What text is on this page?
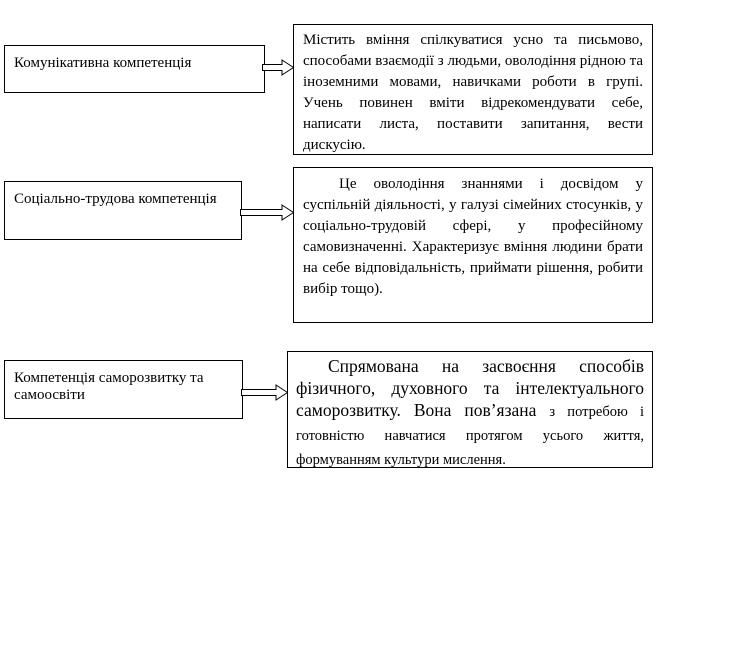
Комунікативна компетенція

Містить вміння спілкуватися усно та письмово, способами взаємодії з людьми, оволодіння рідною та іноземними мовами, навичками роботи в групі. Учень повинен вміти відрекомендувати себе, написати листа, поставити запитання, вести дискусію.

Соціально-трудова компетенція

Це оволодіння знаннями і досвідом у суспільній діяльності, у галузі сімейних стосунків, у соціально-трудовій сфері, у професійному самовизначенні. Характеризує вміння людини брати на себе відповідальність, приймати рішення, робити вибір тощо).

Компетенція саморозвитку та самоосвіти

Спрямована на засвоєння способів фізичного, духовного та інтелектуального саморозвитку. Вона пов’язана з потребою і готовністю навчатися протягом усього життя, формуванням культури мислення.
